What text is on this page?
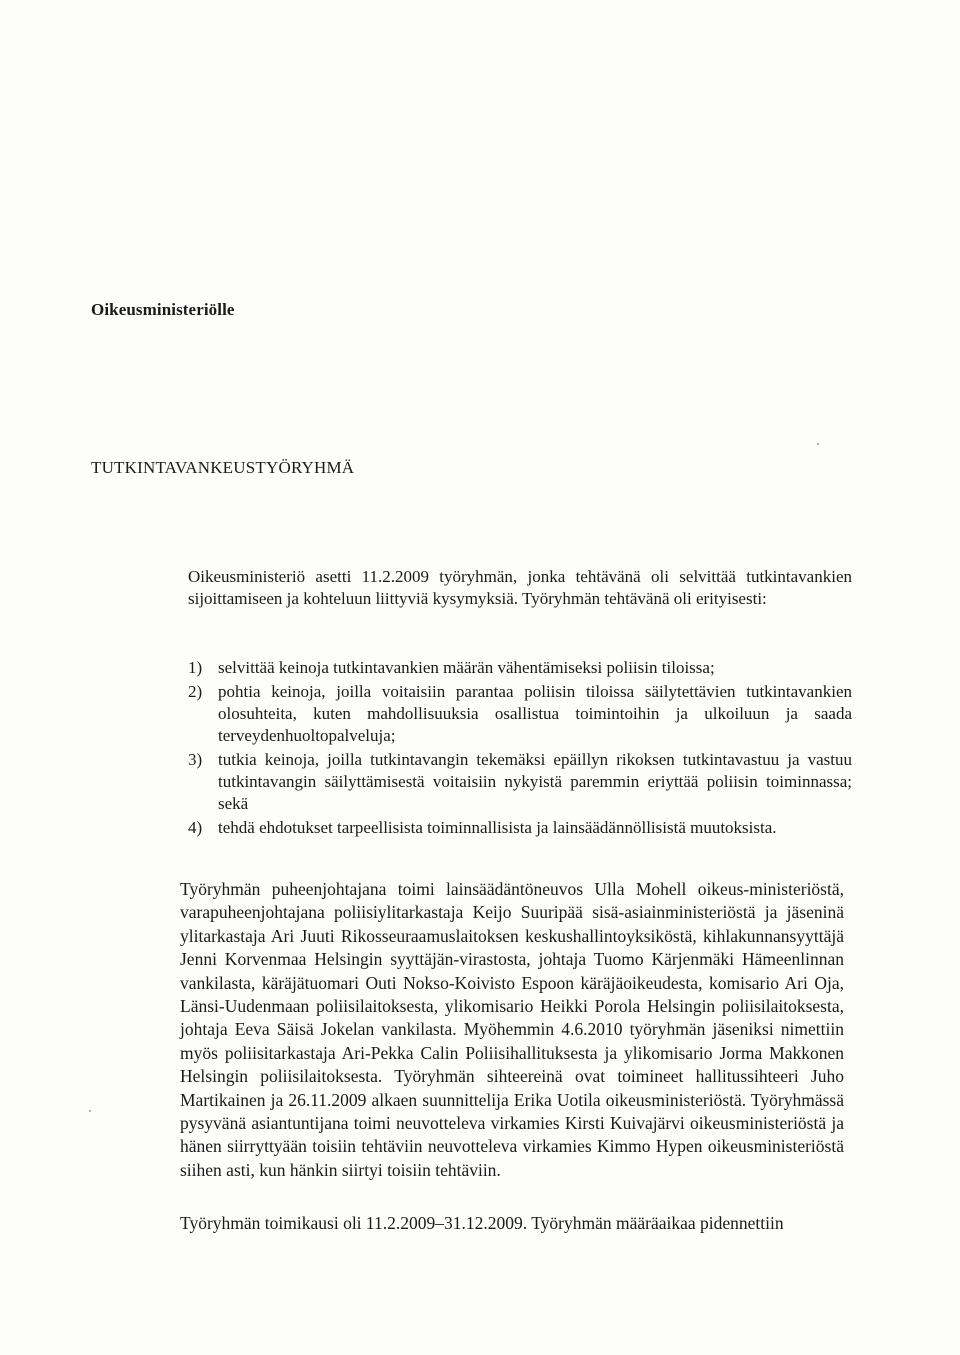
Oikeusministeriölle
TUTKINTAVANKEUSTYÖRYHMÄ

Oikeusministeriö asetti 11.2.2009 työryhmän, jonka tehtävänä oli selvittää tutkintavankien sijoittamiseen ja kohteluun liittyviä kysymyksiä. Työryhmän tehtävänä oli erityisesti:

1) selvittää keinoja tutkintavankien määrän vähentämiseksi poliisin tiloissa;
2) pohtia keinoja, joilla voitaisiin parantaa poliisin tiloissa säilytettävien tutkintavankien olosuhteita, kuten mahdollisuuksia osallistua toimintoihin ja ulkoiluun ja saada terveydenhuoltopalveluja;
3) tutkia keinoja, joilla tutkintavangin tekemäksi epäillyn rikoksen tutkintavastuu ja vastuu tutkintavangin säilyttämisestä voitaisiin nykyistä paremmin eriyttää poliisin toiminnassa; sekä
4) tehdä ehdotukset tarpeellisista toiminnallisista ja lainsäädännöllisistä muutoksista.

Työryhmän puheenjohtajana toimi lainsäädäntöneuvos Ulla Mohell oikeus-ministeriöstä, varapuheenjohtajana poliisiylitarkastaja Keijo Suuripää sisä-asiainministeriöstä ja jäseninä ylitarkastaja Ari Juuti Rikosseuraamuslaitoksen keskushallintoyksiköstä, kihlakunnansyyttäjä Jenni Korvenmaa Helsingin syyttäjän-virastosta, johtaja Tuomo Kärjenmäki Hämeenlinnan vankilasta, käräjätuomari Outi Nokso-Koivisto Espoon käräjäoikeudesta, komisario Ari Oja, Länsi-Uudenmaan poliisilaitoksesta, ylikomisario Heikki Porola Helsingin poliisilaitoksesta, johtaja Eeva Säisä Jokelan vankilasta. Myöhemmin 4.6.2010 työryhmän jäseniksi nimettiin myös poliisitarkastaja Ari-Pekka Calin Poliisihallituksesta ja ylikomisario Jorma Makkonen Helsingin poliisilaitoksesta. Työryhmän sihteereinä ovat toimineet hallitussihteeri Juho Martikainen ja 26.11.2009 alkaen suunnittelija Erika Uotila oikeusministeriöstä. Työryhmässä pysyvänä asiantuntijana toimi neuvotteleva virkamies Kirsti Kuivajärvi oikeusministeriöstä ja hänen siirryttyään toisiin tehtäviin neuvotteleva virkamies Kimmo Hypen oikeusministeriöstä siihen asti, kun hänkin siirtyi toisiin tehtäviin.

Työryhmän toimikausi oli 11.2.2009–31.12.2009. Työryhmän määräaikaa pidennettiin
